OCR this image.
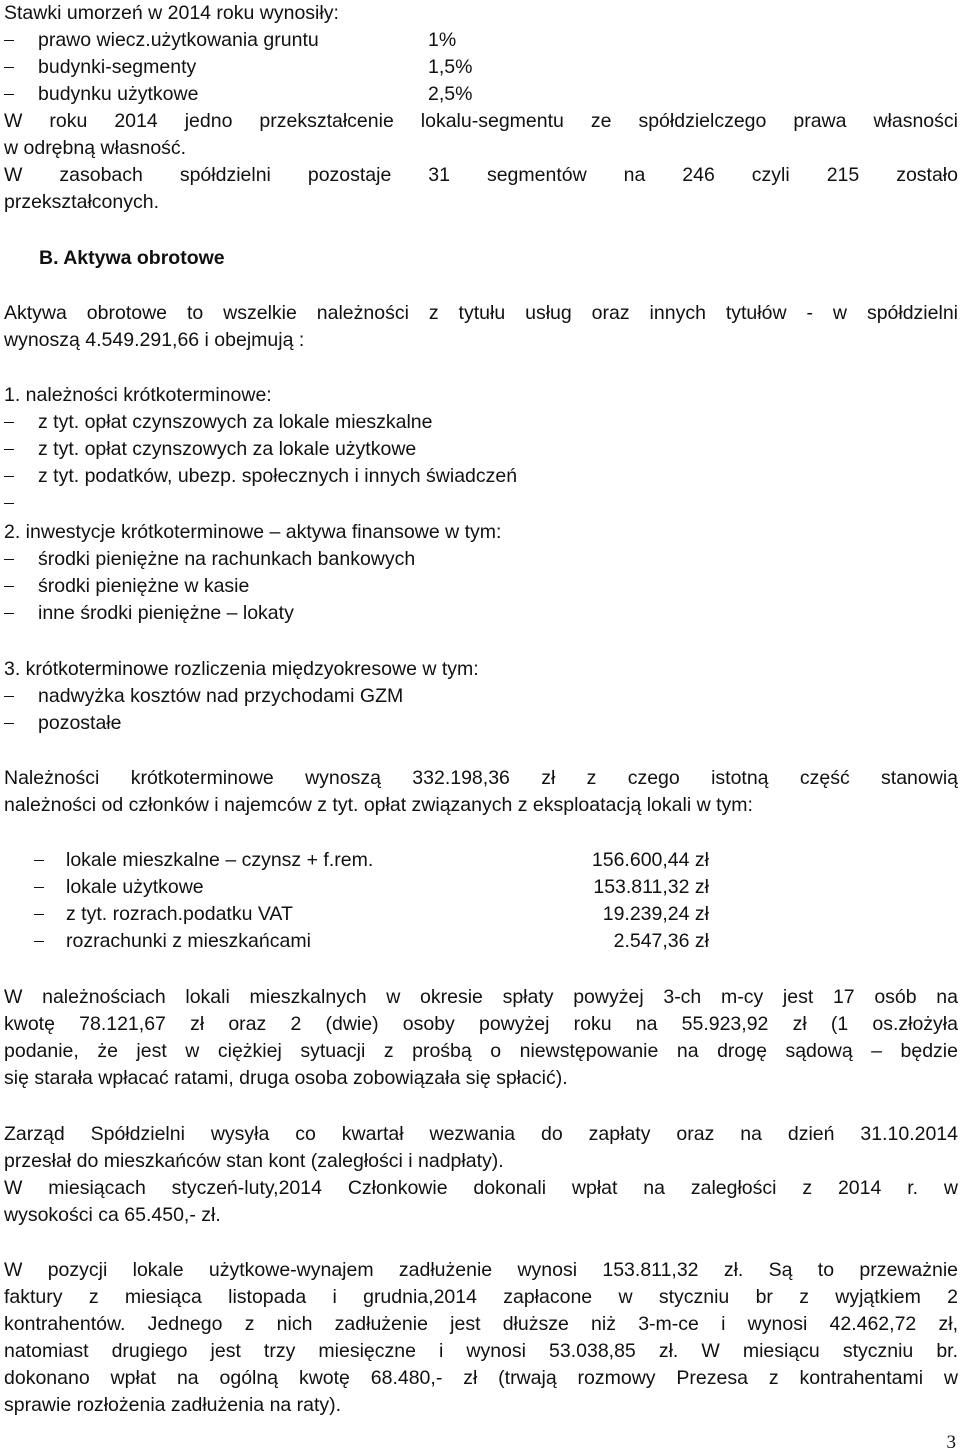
Stawki umorzeń w 2014 roku wynosiły:
prawo wiecz.użytkowania gruntu	1%
budynki-segmenty	1,5%
budynku użytkowe	2,5%
W roku 2014 jedno przekształcenie lokalu-segmentu ze spółdzielczego prawa własności
w odrębną własność.
W zasobach spółdzielni pozostaje 31 segmentów na 246 czyli 215 zostało
przekształconych.
B. Aktywa obrotowe
Aktywa obrotowe to wszelkie należności z tytułu usług oraz innych tytułów - w spółdzielni
wynoszą 4.549.291,66 i obejmują :
1. należności krótkoterminowe:
z tyt. opłat czynszowych za lokale mieszkalne
z tyt. opłat czynszowych za lokale użytkowe
z tyt. podatków, ubezp. społecznych i innych świadczeń
2. inwestycje krótkoterminowe – aktywa finansowe w tym:
środki pieniężne na rachunkach bankowych
środki pieniężne w kasie
inne środki pieniężne – lokaty
3. krótkoterminowe rozliczenia międzyokresowe w tym:
nadwyżka kosztów nad przychodami GZM
pozostałe
Należności krótkoterminowe wynoszą 332.198,36 zł z czego istotną część stanowią
należności od członków i najemców z tyt. opłat związanych z eksploatacją lokali w tym:
lokale mieszkalne – czynsz + f.rem.	156.600,44 zł
lokale użytkowe	153.811,32 zł
z tyt. rozrach.podatku VAT	19.239,24 zł
rozrachunki z mieszkańcami	2.547,36 zł
W należnościach lokali mieszkalnych w okresie spłaty powyżej 3-ch m-cy jest 17 osób na
kwotę 78.121,67 zł oraz 2 (dwie) osoby powyżej roku na 55.923,92 zł (1 os.złożyła
podanie, że jest w ciężkiej sytuacji z prośbą o niewstępowanie na drogę sądową – będzie
się starała wpłacać ratami, druga osoba zobowiązała się spłacić).
Zarząd Spółdzielni wysyła co kwartał wezwania do zapłaty oraz na dzień 31.10.2014
przesłał do mieszkańców stan kont (zaległości i nadpłaty).
W miesiącach styczeń-luty,2014 Członkowie dokonali wpłat na zaległości z 2014 r. w
wysokości ca 65.450,- zł.
W pozycji lokale użytkowe-wynajem zadłużenie wynosi 153.811,32 zł. Są to przeważnie
faktury z miesiąca listopada i grudnia,2014 zapłacone w styczniu br z wyjątkiem 2
kontrahentów. Jednego z nich zadłużenie jest dłuższe niż 3-m-ce i wynosi 42.462,72 zł,
natomiast drugiego jest trzy miesięczne i wynosi 53.038,85 zł. W miesiącu styczniu br.
dokonano wpłat na ogólną kwotę 68.480,- zł (trwają rozmowy Prezesa z kontrahentami w
sprawie rozłożenia zadłużenia na raty).
3
